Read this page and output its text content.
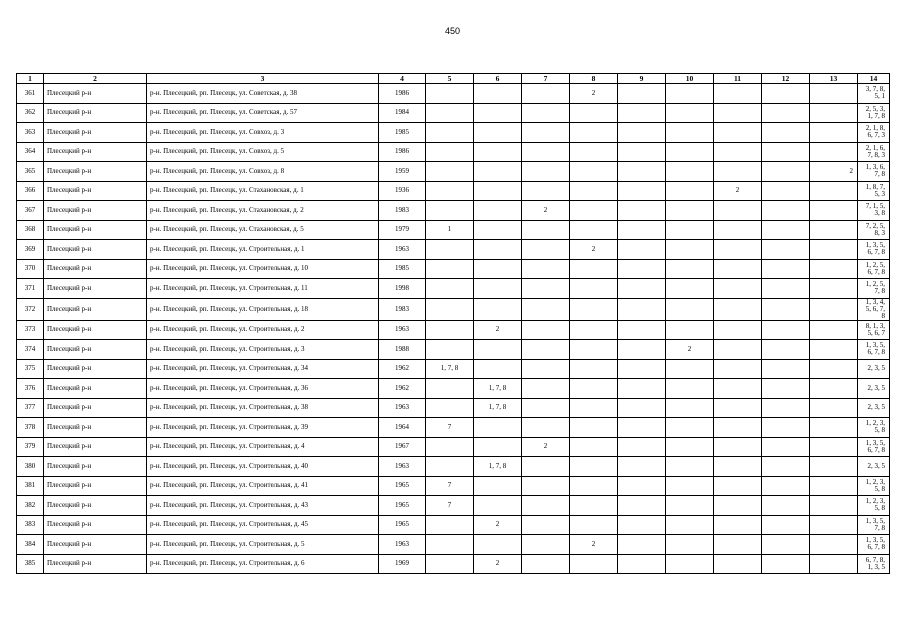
450
1	2	3	4	5	6	7	8	9	10	11	12	13	14
361	Плесецкий р-н	р-н. Плесецкий, рп. Плесецк, ул. Советская, д. 38	1986				2						3, 7, 8, 5, 1
362	Плесецкий р-н	р-н. Плесецкий, рп. Плесецк, ул. Советская, д. 57	1984										2, 5, 3, 1, 7, 8
363	Плесецкий р-н	р-н. Плесецкий, рп. Плесецк, ул. Совхоз, д. 3	1985										2, 1, 8, 6, 7, 3
364	Плесецкий р-н	р-н. Плесецкий, рп. Плесецк, ул. Совхоз, д. 5	1986										2, 1, 6, 7, 8, 3
365	Плесецкий р-н	р-н. Плесецкий, рп. Плесецк, ул. Совхоз, д. 8	1959									2	1, 3, 6, 7, 8
366	Плесецкий р-н	р-н. Плесецкий, рп. Плесецк, ул. Стахановская, д. 1	1936							2			1, 8, 7, 5, 3
367	Плесецкий р-н	р-н. Плесецкий, рп. Плесецк, ул. Стахановская, д. 2	1983			2							7, 1, 5, 3, 8
368	Плесецкий р-н	р-н. Плесецкий, рп. Плесецк, ул. Стахановская, д. 5	1979	1									7, 2, 5, 8, 3
369	Плесецкий р-н	р-н. Плесецкий, рп. Плесецк, ул. Строительная, д. 1	1963				2						1, 3, 5, 6, 7, 8
370	Плесецкий р-н	р-н. Плесецкий, рп. Плесецк, ул. Строительная, д. 10	1985										1, 2, 5, 6, 7, 8
371	Плесецкий р-н	р-н. Плесецкий, рп. Плесецк, ул. Строительная, д. 11	1998										1, 2, 5, 7, 8
372	Плесецкий р-н	р-н. Плесецкий, рп. Плесецк, ул. Строительная, д. 18	1983										1, 3, 4, 5, 6, 7, 8
373	Плесецкий р-н	р-н. Плесецкий, рп. Плесецк, ул. Строительная, д. 2	1963		2								8, 1, 3, 5, 6, 7
374	Плесецкий р-н	р-н. Плесецкий, рп. Плесецк, ул. Строительная, д. 3	1988						2				1, 3, 5, 6, 7, 8
375	Плесецкий р-н	р-н. Плесецкий, рп. Плесецк, ул. Строительная, д. 34	1962	1, 7, 8									2, 3, 5
376	Плесецкий р-н	р-н. Плесецкий, рп. Плесецк, ул. Строительная, д. 36	1962		1, 7, 8								2, 3, 5
377	Плесецкий р-н	р-н. Плесецкий, рп. Плесецк, ул. Строительная, д. 38	1963		1, 7, 8								2, 3, 5
378	Плесецкий р-н	р-н. Плесецкий, рп. Плесецк, ул. Строительная, д. 39	1964	7									1, 2, 3, 5, 8
379	Плесецкий р-н	р-н. Плесецкий, рп. Плесецк, ул. Строительная, д. 4	1967			2							1, 3, 5, 6, 7, 8
380	Плесецкий р-н	р-н. Плесецкий, рп. Плесецк, ул. Строительная, д. 40	1963		1, 7, 8								2, 3, 5
381	Плесецкий р-н	р-н. Плесецкий, рп. Плесецк, ул. Строительная, д. 41	1965	7									1, 2, 3, 5, 8
382	Плесецкий р-н	р-н. Плесецкий, рп. Плесецк, ул. Строительная, д. 43	1965	7									1, 2, 3, 5, 8
383	Плесецкий р-н	р-н. Плесецкий, рп. Плесецк, ул. Строительная, д. 45	1965		2								1, 3, 5, 7, 8
384	Плесецкий р-н	р-н. Плесецкий, рп. Плесецк, ул. Строительная, д. 5	1963				2						1, 3, 5, 6, 7, 8
385	Плесецкий р-н	р-н. Плесецкий, рп. Плесецк, ул. Строительная, д. 6	1969		2								6, 7, 8, 1, 3, 5
